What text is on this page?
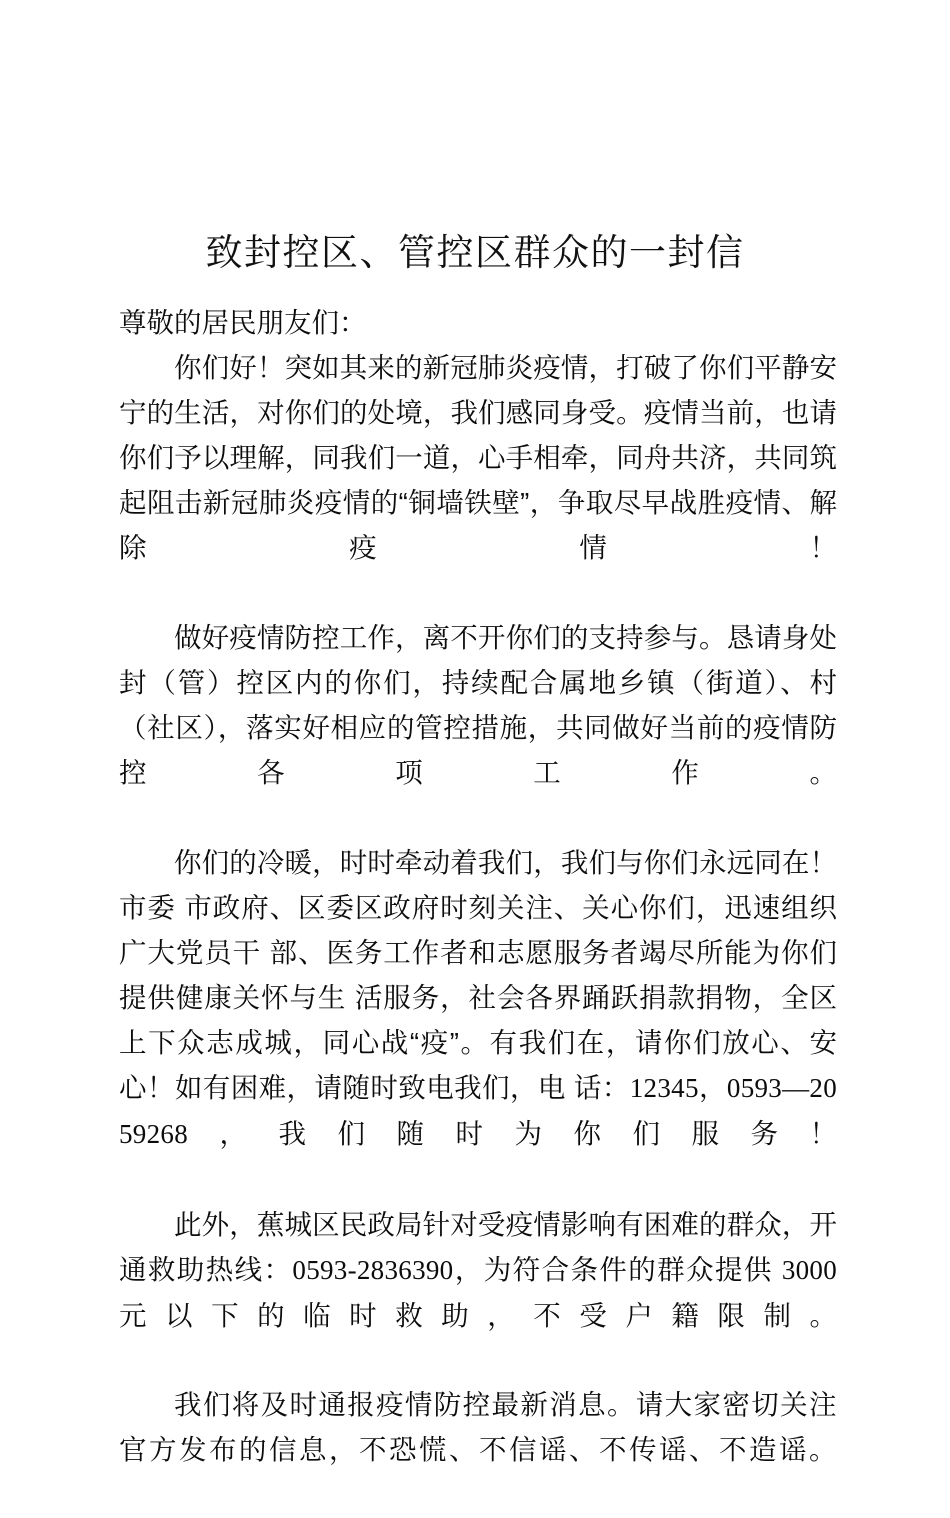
致封控区、管控区群众的一封信

尊敬的居民朋友们：

你们好！突如其来的新冠肺炎疫情，打破了你们平静安宁的生活，对你们的处境，我们感同身受。疫情当前，也请你们予以理解，同我们一道，心手相牵，同舟共济，共同筑起阻击新冠肺炎疫情的“铜墙铁壁”，争取尽早战胜疫情、解除疫情！

做好疫情防控工作，离不开你们的支持参与。恳请身处封（管）控区内的你们，持续配合属地乡镇（街道）、村（社区），落实好相应的管控措施，共同做好当前的疫情防控各项工作。

你们的冷暖，时时牵动着我们，我们与你们永远同在！市委 市政府、区委区政府时刻关注、关心你们，迅速组织广大党员干 部、医务工作者和志愿服务者竭尽所能为你们提供健康关怀与生 活服务，社会各界踊跃捐款捐物，全区上下众志成城，同心战“疫”。有我们在，请你们放心、安心！如有困难，请随时致电我们，电 话：12345，0593—2059268，我们随时为你们服务！

此外，蕉城区民政局针对受疫情影响有困难的群众，开通救助热线：0593-2836390，为符合条件的群众提供 3000 元以下的临时救助，不受户籍限制。

我们将及时通报疫情防控最新消息。请大家密切关注官方发布的信息，不恐慌、不信谣、不传谣、不造谣。
